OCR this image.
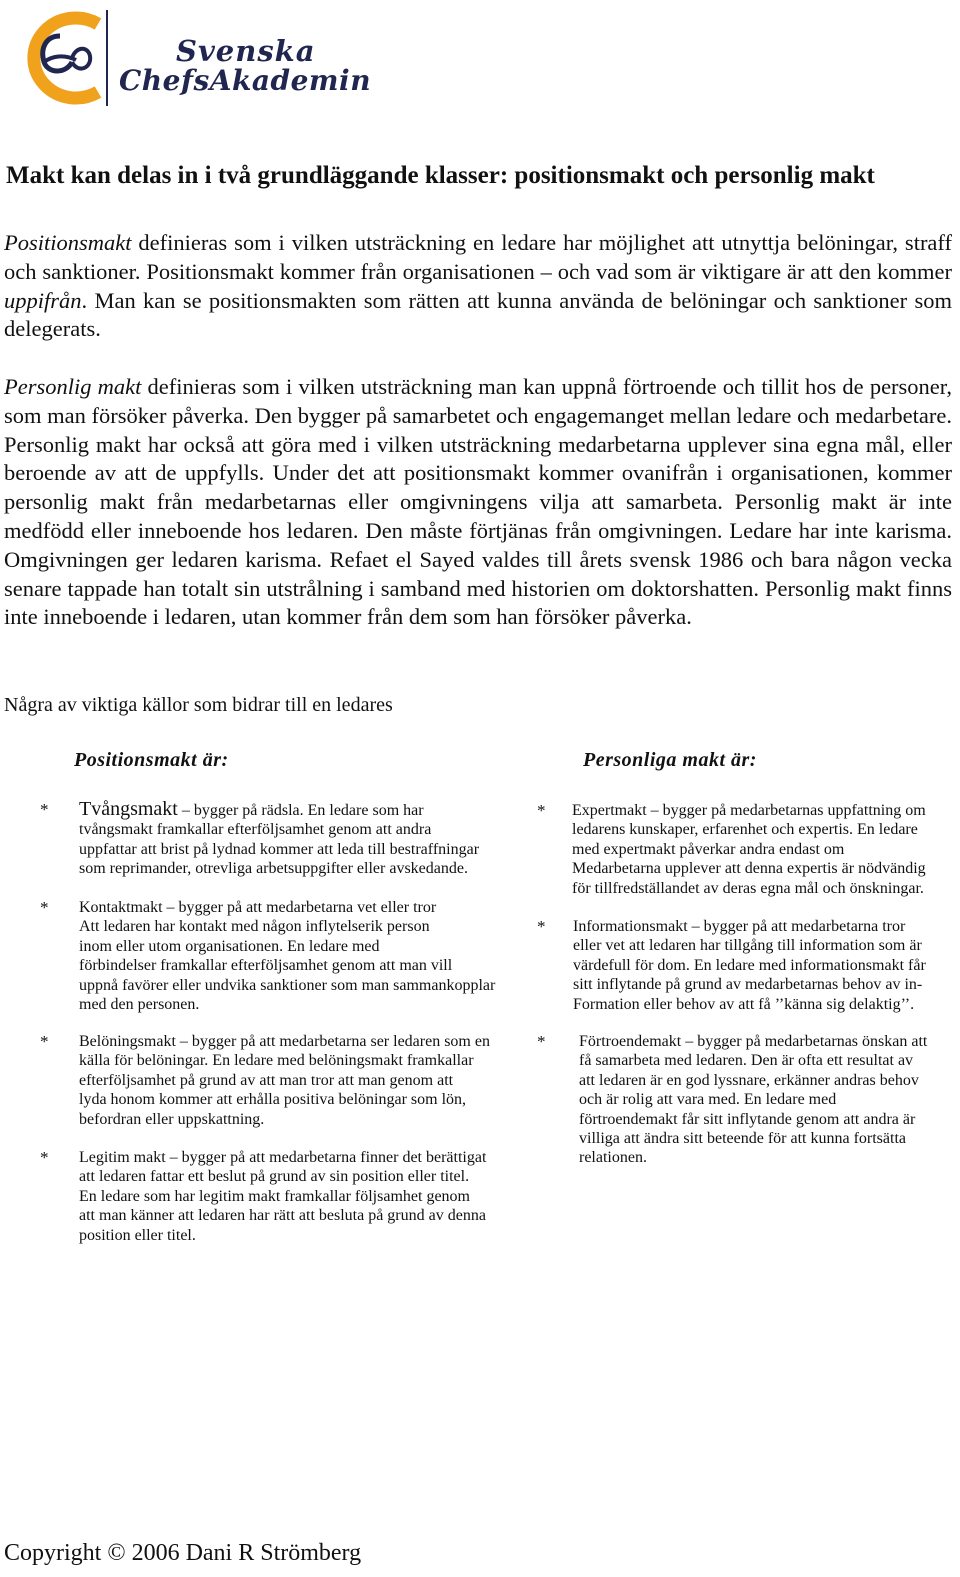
Svenska
ChefsAkademin
Makt kan delas in i två grundläggande klasser: positionsmakt och personlig makt

Positionsmakt definieras som i vilken utsträckning en ledare har möjlighet att utnyttja belöningar, straff och sanktioner. Positionsmakt kommer från organisationen – och vad som är viktigare är att den kommer uppifrån. Man kan se positionsmakten som rätten att kunna använda de belöningar och sanktioner som delegerats.

Personlig makt definieras som i vilken utsträckning man kan uppnå förtroende och tillit hos de personer, som man försöker påverka. Den bygger på samarbetet och engagemanget mellan ledare och medarbetare. Personlig makt har också att göra med i vilken utsträckning medarbetarna upplever sina egna mål, eller beroende av att de uppfylls. Under det att positionsmakt kommer ovanifrån i organisationen, kommer personlig makt från medarbetarnas eller omgivningens vilja att samarbeta. Personlig makt är inte medfödd eller inneboende hos ledaren. Den måste förtjänas från omgivningen. Ledare har inte karisma. Omgivningen ger ledaren karisma. Refaet el Sayed valdes till årets svensk 1986 och bara någon vecka senare tappade han totalt sin utstrålning i samband med historien om doktorshatten. Personlig makt finns inte inneboende i ledaren, utan kommer från dem som han försöker påverka.

Några av viktiga källor som bidrar till en ledares

Positionsmakt är:	Personliga makt är:
* Tvångsmakt – bygger på rädsla. En ledare som har
tvångsmakt framkallar efterföljsamhet genom att andra
uppfattar att brist på lydnad kommer att leda till bestraffningar
som reprimander, otrevliga arbetsuppgifter eller avskedande.
* Kontaktmakt – bygger på att medarbetarna vet eller tror
Att ledaren har kontakt med någon inflytelserik person
inom eller utom organisationen. En ledare med
förbindelser framkallar efterföljsamhet genom att man vill
uppnå favörer eller undvika sanktioner som man sammankopplar
med den personen.
* Belöningsmakt – bygger på att medarbetarna ser ledaren som en
källa för belöningar. En ledare med belöningsmakt framkallar
efterföljsamhet på grund av att man tror att man genom att
lyda honom kommer att erhålla positiva belöningar som lön,
befordran eller uppskattning.
* Legitim makt – bygger på att medarbetarna finner det berättigat
att ledaren fattar ett beslut på grund av sin position eller titel.
En ledare som har legitim makt framkallar följsamhet genom
att man känner att ledaren har rätt att besluta på grund av denna
position eller titel.
* Expertmakt – bygger på medarbetarnas uppfattning om
ledarens kunskaper, erfarenhet och expertis. En ledare
med expertmakt påverkar andra endast om
Medarbetarna upplever att denna expertis är nödvändig
för tillfredställandet av deras egna mål och önskningar.
* Informationsmakt – bygger på att medarbetarna tror
eller vet att ledaren har tillgång till information som är
värdefull för dom. En ledare med informationsmakt får
sitt inflytande på grund av medarbetarnas behov av in-
Formation eller behov av att få ’’känna sig delaktig’’.
* Förtroendemakt – bygger på medarbetarnas önskan att
få samarbeta med ledaren. Den är ofta ett resultat av
att ledaren är en god lyssnare, erkänner andras behov
och är rolig att vara med. En ledare med
förtroendemakt får sitt inflytande genom att andra är
villiga att ändra sitt beteende för att kunna fortsätta
relationen.

Copyright © 2006 Dani R Strömberg
